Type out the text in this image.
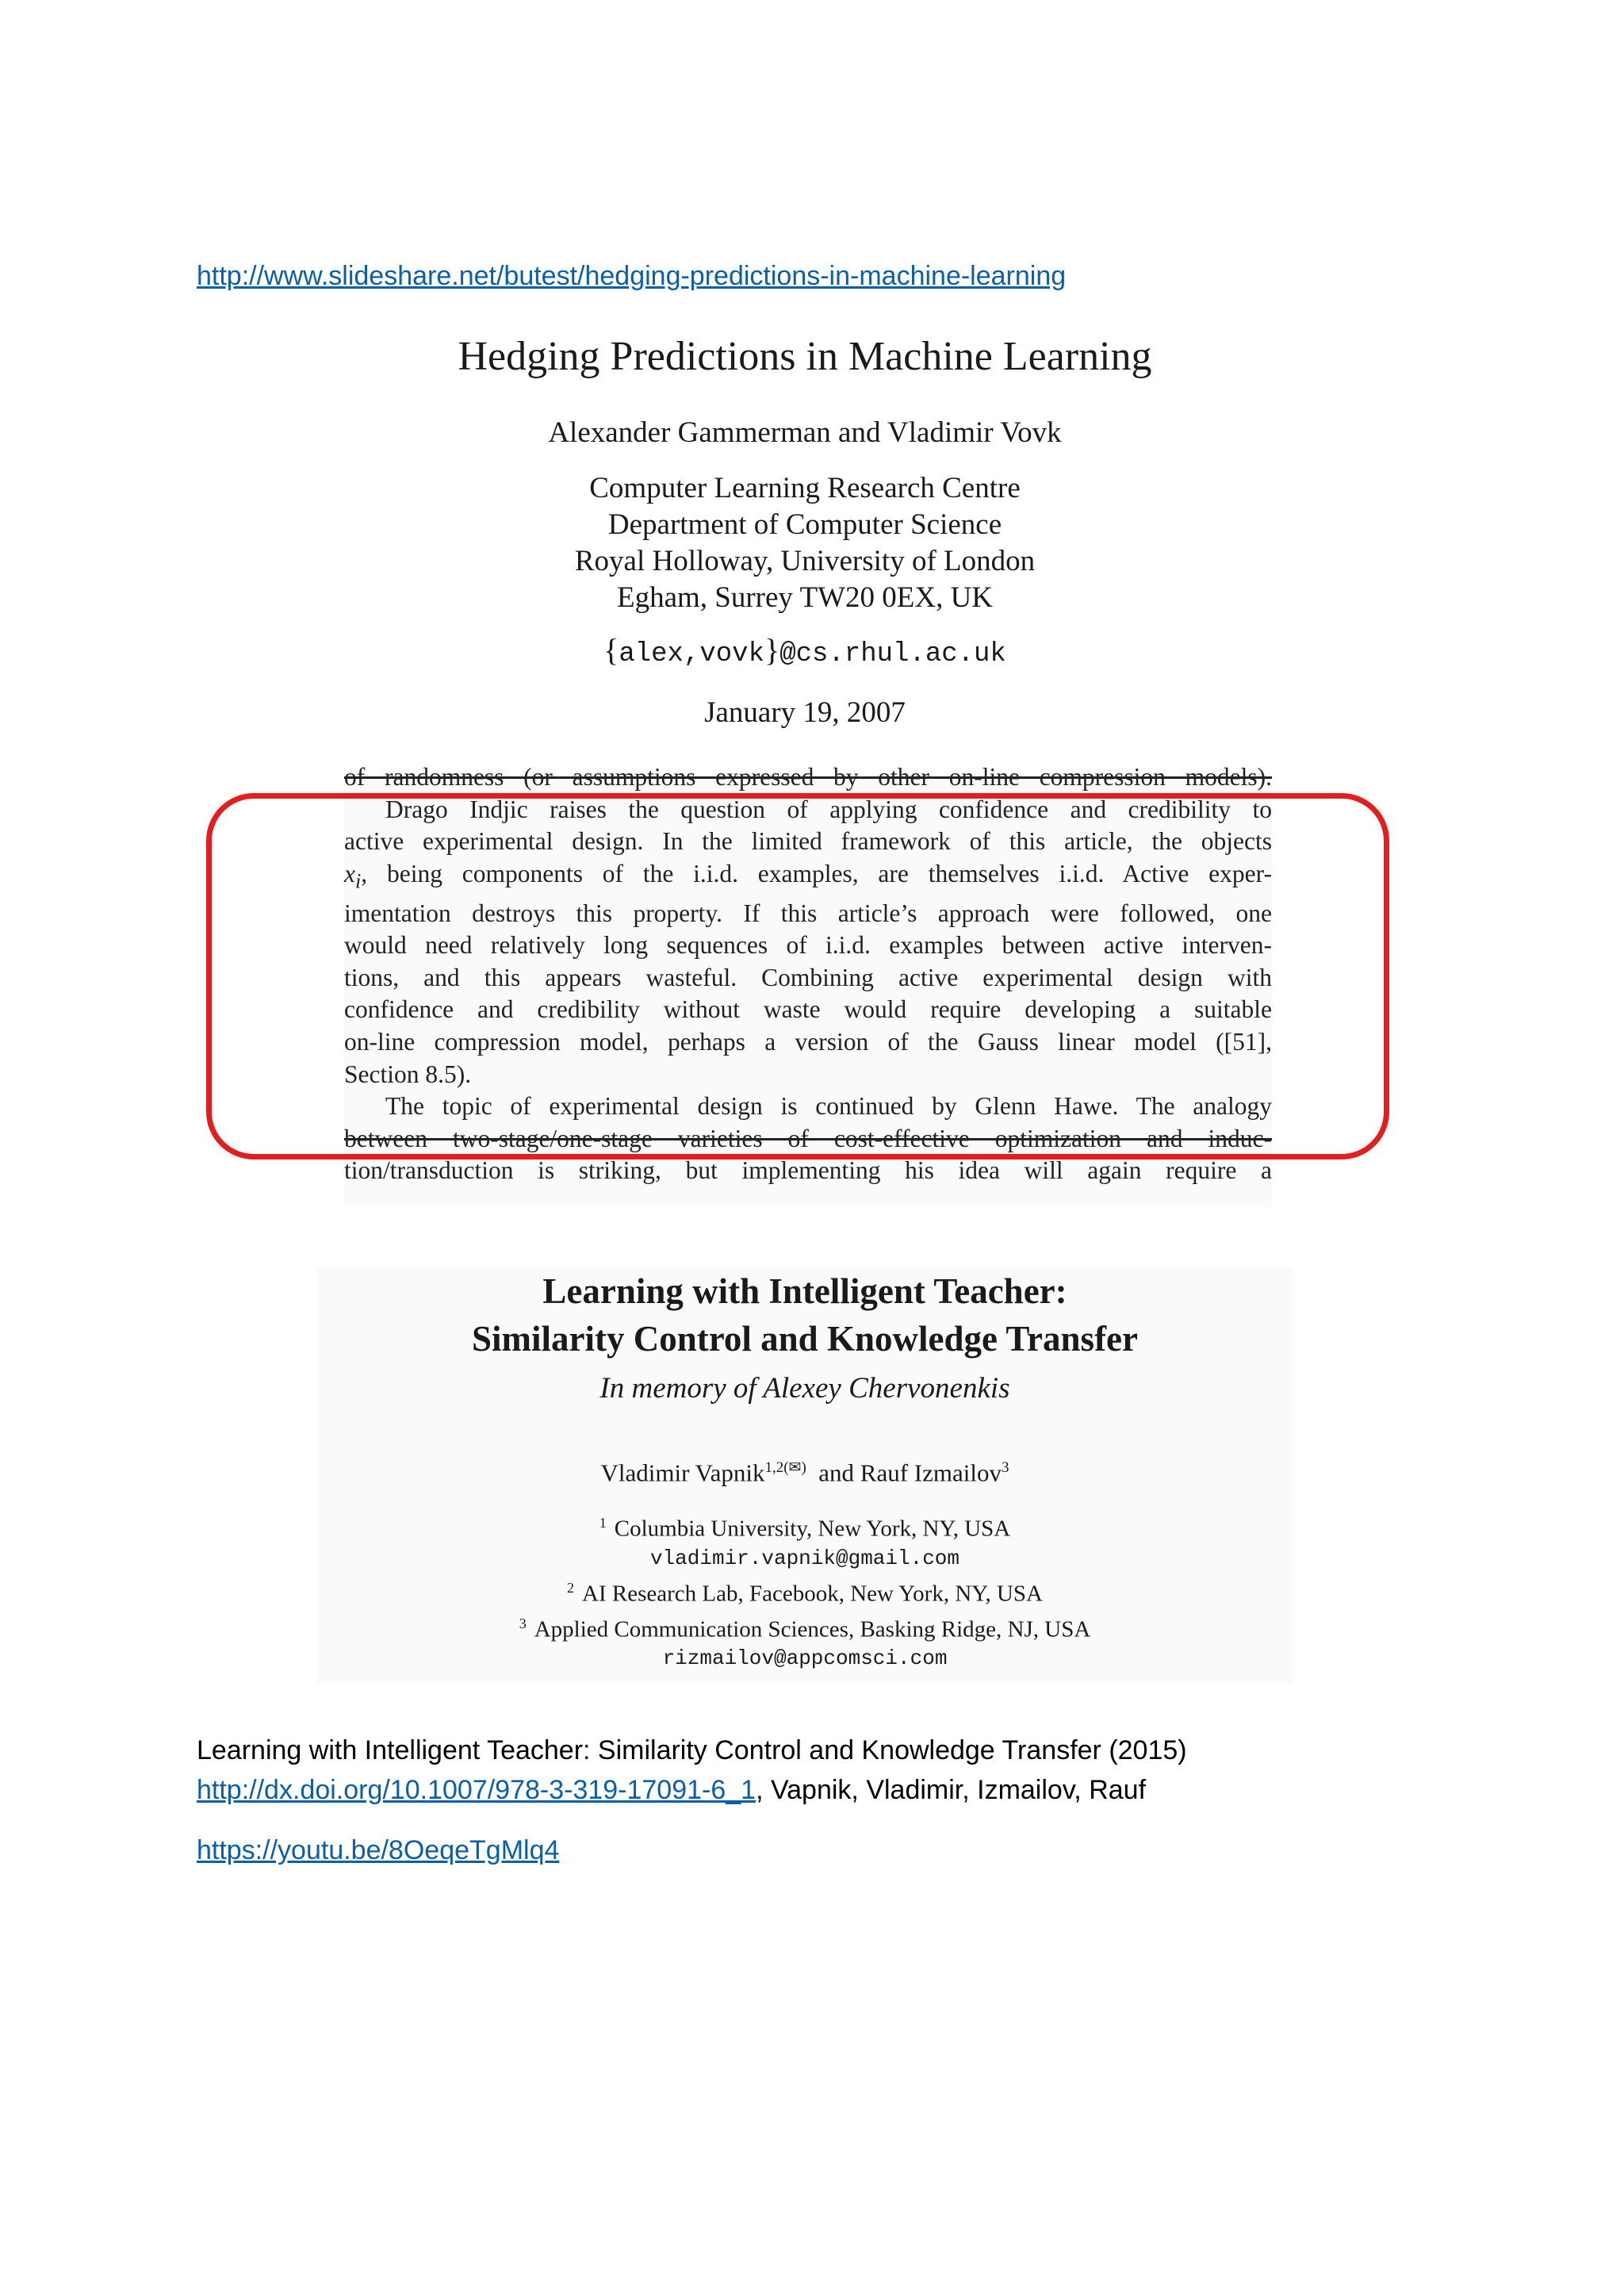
http://www.slideshare.net/butest/hedging-predictions-in-machine-learning
Hedging Predictions in Machine Learning
Alexander Gammerman and Vladimir Vovk
Computer Learning Research Centre
Department of Computer Science
Royal Holloway, University of London
Egham, Surrey TW20 0EX, UK
{alex,vovk}@cs.rhul.ac.uk
January 19, 2007
of randomness (or assumptions expressed by other on-line compression models).
Drago Indjic raises the question of applying confidence and credibility to
active experimental design. In the limited framework of this article, the objects
$x_i$, being components of the i.i.d. examples, are themselves i.i.d. Active exper-
imentation destroys this property. If this article’s approach were followed, one
would need relatively long sequences of i.i.d. examples between active interven-
tions, and this appears wasteful. Combining active experimental design with
confidence and credibility without waste would require developing a suitable
on-line compression model, perhaps a version of the Gauss linear model ([51],
Section 8.5).
The topic of experimental design is continued by Glenn Hawe. The analogy
between two-stage/one-stage varieties of cost-effective optimization and induc-
tion/transduction is striking, but implementing his idea will again require a
Learning with Intelligent Teacher:
Similarity Control and Knowledge Transfer
In memory of Alexey Chervonenkis
Vladimir Vapnik$^{1,2(✉)}$ and Rauf Izmailov$^3$
$^1$ Columbia University, New York, NY, USA
vladimir.vapnik@gmail.com
$^2$ AI Research Lab, Facebook, New York, NY, USA
$^3$ Applied Communication Sciences, Basking Ridge, NJ, USA
rizmailov@appcomsci.com
Learning with Intelligent Teacher: Similarity Control and Knowledge Transfer (2015)
http://dx.doi.org/10.1007/978-3-319-17091-6_1, Vapnik, Vladimir, Izmailov, Rauf
https://youtu.be/8OeqeTgMlq4
